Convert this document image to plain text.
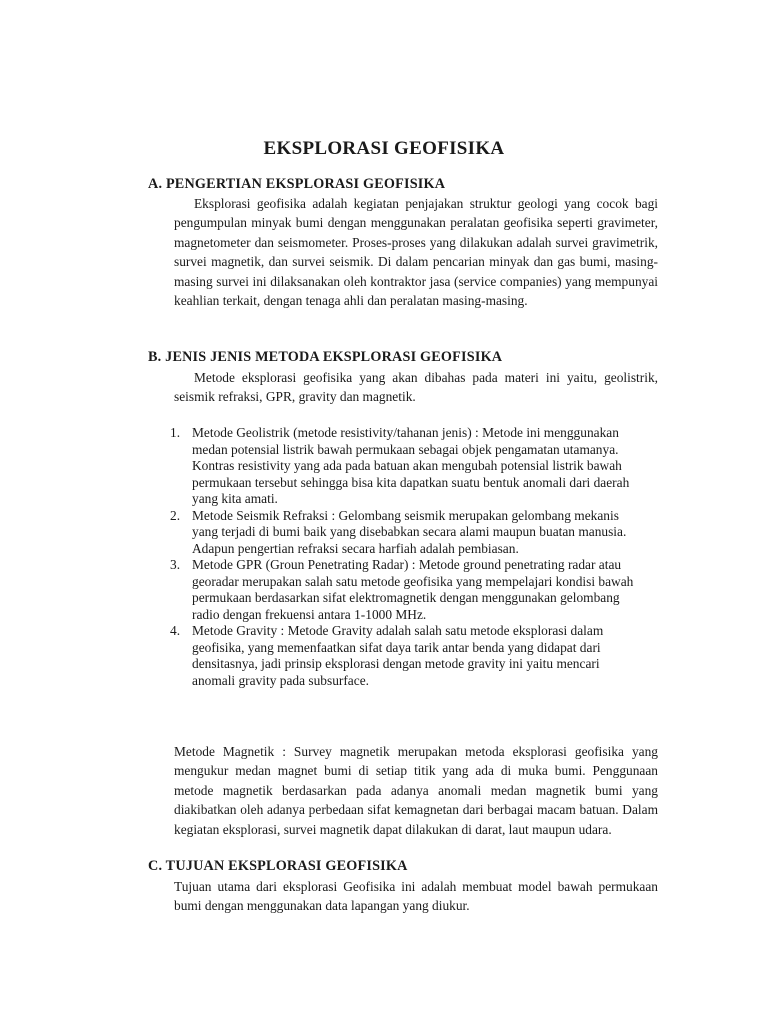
EKSPLORASI GEOFISIKA
A. PENGERTIAN EKSPLORASI GEOFISIKA

Eksplorasi geofisika adalah kegiatan penjajakan struktur geologi yang cocok bagi pengumpulan minyak bumi dengan menggunakan peralatan geofisika seperti gravimeter, magnetometer dan seismometer. Proses-proses yang dilakukan adalah survei gravimetrik, survei magnetik, dan survei seismik. Di dalam pencarian minyak dan gas bumi, masing-masing survei ini dilaksanakan oleh kontraktor jasa (service companies) yang mempunyai keahlian terkait, dengan tenaga ahli dan peralatan masing-masing.

B. JENIS JENIS METODA EKSPLORASI GEOFISIKA

Metode eksplorasi geofisika yang akan dibahas pada materi ini yaitu, geolistrik, seismik refraksi, GPR, gravity dan magnetik.

1. Metode Geolistrik (metode resistivity/tahanan jenis) : Metode ini menggunakan medan potensial listrik bawah permukaan sebagai objek pengamatan utamanya. Kontras resistivity yang ada pada batuan akan mengubah potensial listrik bawah permukaan tersebut sehingga bisa kita dapatkan suatu bentuk anomali dari daerah yang kita amati.
2. Metode Seismik Refraksi : Gelombang seismik merupakan gelombang mekanis yang terjadi di bumi baik yang disebabkan secara alami maupun buatan manusia. Adapun pengertian refraksi secara harfiah adalah pembiasan.
3. Metode GPR (Groun Penetrating Radar) : Metode ground penetrating radar atau georadar merupakan salah satu metode geofisika yang mempelajari kondisi bawah permukaan berdasarkan sifat elektromagnetik dengan menggunakan gelombang radio dengan frekuensi antara 1-1000 MHz.
4. Metode Gravity : Metode Gravity adalah salah satu metode eksplorasi dalam geofisika, yang memenfaatkan sifat daya tarik antar benda yang didapat dari densitasnya, jadi prinsip eksplorasi dengan metode gravity ini yaitu mencari anomali gravity pada subsurface.

Metode Magnetik : Survey magnetik merupakan metoda eksplorasi geofisika yang mengukur medan magnet bumi di setiap titik yang ada di muka bumi. Penggunaan metode magnetik berdasarkan pada adanya anomali medan magnetik bumi yang diakibatkan oleh adanya perbedaan sifat kemagnetan dari berbagai macam batuan. Dalam kegiatan eksplorasi, survei magnetik dapat dilakukan di darat, laut maupun udara.

C. TUJUAN EKSPLORASI GEOFISIKA

Tujuan utama dari eksplorasi Geofisika ini adalah membuat model bawah permukaan bumi dengan menggunakan data lapangan yang diukur.
